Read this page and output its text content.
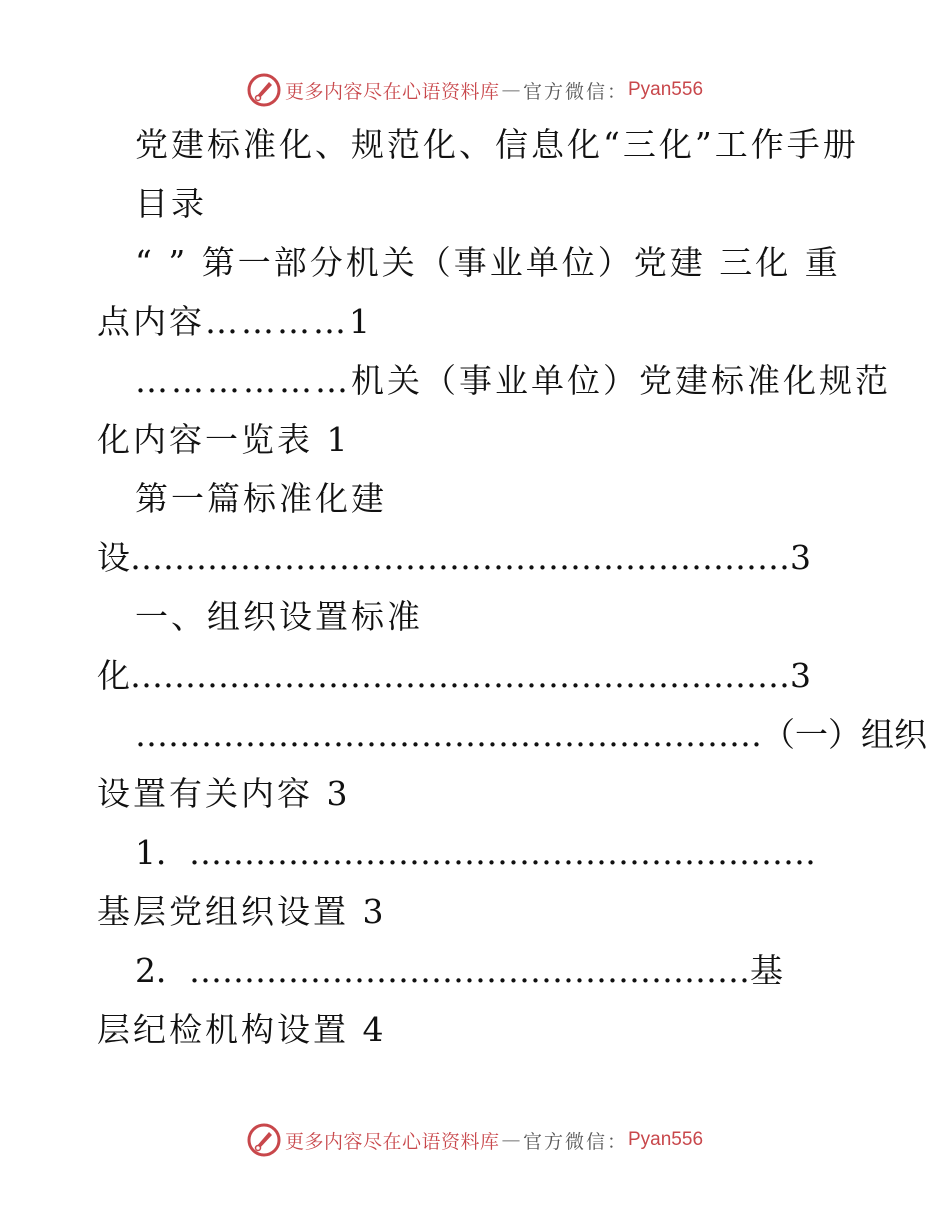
更多内容尽在心语资料库 — 官方微信： Pyan556
党建标准化、规范化、信息化“三化”工作手册
目录
“ ” 第一部分机关（事业单位）党建 三化 重
点内容…………1
………………机关（事业单位）党建标准化规范
化内容一览表 1
第一篇标准化建
设……………………………………………………3
一、组织设置标准
化……………………………………………………3
…………………………………………………（一）组织
设置有关内容 3
1．…………………………………………………
基层党组织设置 3
2．……………………………………………基
层纪检机构设置 4
更多内容尽在心语资料库 — 官方微信： Pyan556
